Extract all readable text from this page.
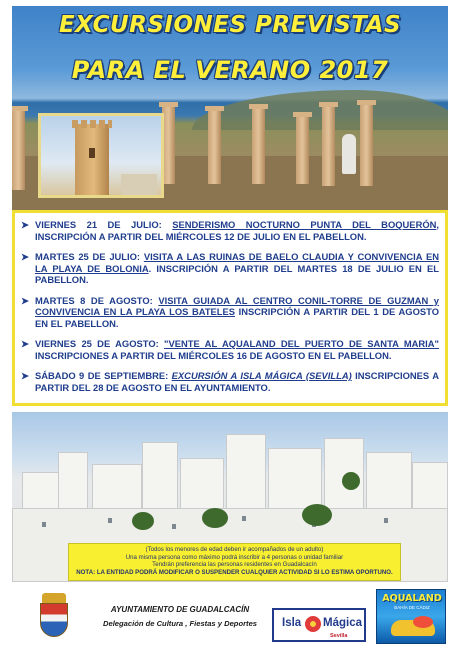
EXCURSIONES PREVISTAS
PARA EL VERANO 2017
➤ VIERNES 21 DE JULIO: SENDERISMO NOCTURNO PUNTA DEL BOQUERÓN, INSCRIPCIÓN A PARTIR DEL MIÉRCOLES 12 DE JULIO EN EL PABELLON.
➤ MARTES 25 DE JULIO: VISITA A LAS RUINAS DE BAELO CLAUDIA Y CONVIVENCIA EN LA PLAYA DE BOLONIA. INSCRIPCIÓN A PARTIR DEL MARTES 18 DE JULIO EN EL PABELLON.
➤ MARTES 8 DE AGOSTO: VISITA GUIADA AL CENTRO CONIL-TORRE DE GUZMAN y CONVIVENCIA EN LA PLAYA LOS BATELES INSCRIPCIÓN A PARTIR DEL 1 DE AGOSTO EN EL PABELLON.
➤ VIERNES 25 DE AGOSTO: "VENTE AL AQUALAND DEL PUERTO DE SANTA MARIA" INSCRIPCIONES A PARTIR DEL MIÉRCOLES 16 DE AGOSTO EN EL PABELLON.
➤ SÁBADO 9 DE SEPTIEMBRE: EXCURSIÓN A ISLA MÁGICA (SEVILLA) INSCRIPCIONES A PARTIR DEL 28 DE AGOSTO EN EL AYUNTAMIENTO.
(Todos los menores de edad deben ir acompañados de un adulto)
Una misma persona como máximo podrá inscribir a 4 personas o unidad familiar
Tendrán preferencia las personas residentes en Guadalcacín
NOTA: LA ENTIDAD PODRÁ MODIFICAR O SUSPENDER CUALQUIER ACTIVIDAD SI LO ESTIMA OPORTUNO.
AYUNTAMIENTO DE GUADALCACÍN
Delegación de Cultura , Fiestas y Deportes	Isla Mágica
Sevilla
AQUALAND
BAHÍA DE CÁDIZ
